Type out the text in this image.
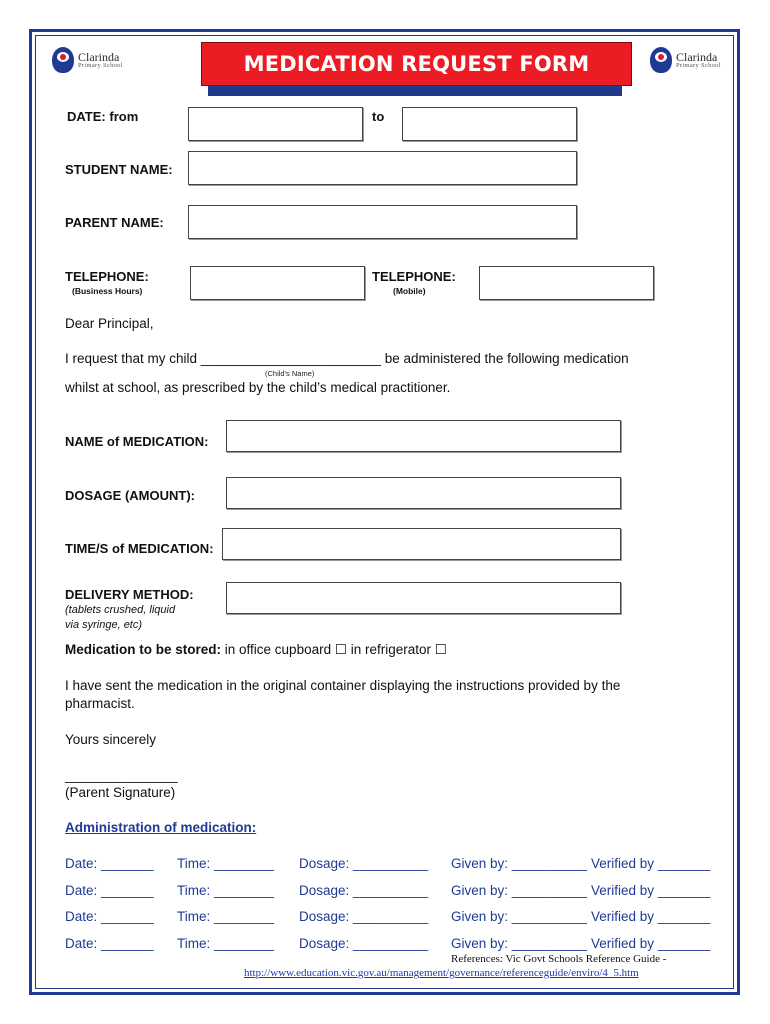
Clarinda
Primary School
Clarinda
Primary School
MEDICATION REQUEST FORM
DATE: from	to
STUDENT NAME:
PARENT NAME:
TELEPHONE:
(Business Hours)
TELEPHONE:
(Mobile)
Dear Principal,
I request that my child ________________________ be administered the following medication
(Child's Name)
whilst at school, as prescribed by the child’s medical practitioner.
NAME of MEDICATION:
DOSAGE (AMOUNT):
TIME/S of MEDICATION:
DELIVERY METHOD:
(tablets crushed, liquid
via syringe, etc)
Medication to be stored: in office cupboard ☐ in refrigerator ☐
I have sent the medication in the original container displaying the instructions provided by the
pharmacist.
Yours sincerely
_______________
(Parent Signature)
Administration of medication:
Date: _______ Time: ________ Dosage: __________ Given by: __________ Verified by _______
Date: _______ Time: ________ Dosage: __________ Given by: __________ Verified by _______
Date: _______ Time: ________ Dosage: __________ Given by: __________ Verified by _______
Date: _______ Time: ________ Dosage: __________ Given by: __________ Verified by _______
References: Vic Govt Schools Reference Guide -
http://www.education.vic.gov.au/management/governance/referenceguide/enviro/4_5.htm
